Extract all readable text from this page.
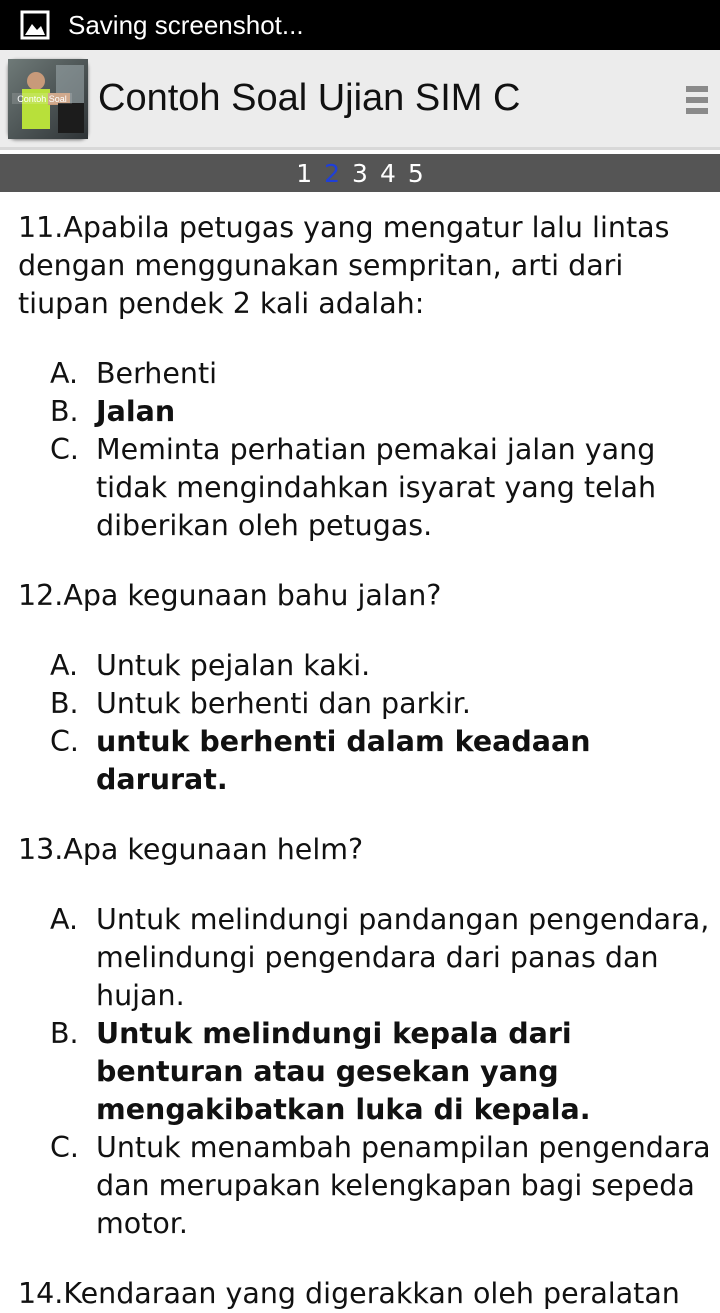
Saving screenshot...
Contoh Soal Contoh Soal Ujian SIM C
1 2 3 4 5
11.Apabila petugas yang mengatur lalu lintas dengan menggunakan sempritan, arti dari tiupan pendek 2 kali adalah:
A. Berhenti
B. Jalan
C. Meminta perhatian pemakai jalan yang tidak mengindahkan isyarat yang telah diberikan oleh petugas.
12.Apa kegunaan bahu jalan?
A. Untuk pejalan kaki.
B. Untuk berhenti dan parkir.
C. untuk berhenti dalam keadaan darurat.
13.Apa kegunaan helm?
A. Untuk melindungi pandangan pengendara, melindungi pengendara dari panas dan hujan.
B. Untuk melindungi kepala dari benturan atau gesekan yang mengakibatkan luka di kepala.
C. Untuk menambah penampilan pengendara dan merupakan kelengkapan bagi sepeda motor.
14.Kendaraan yang digerakkan oleh peralatan
